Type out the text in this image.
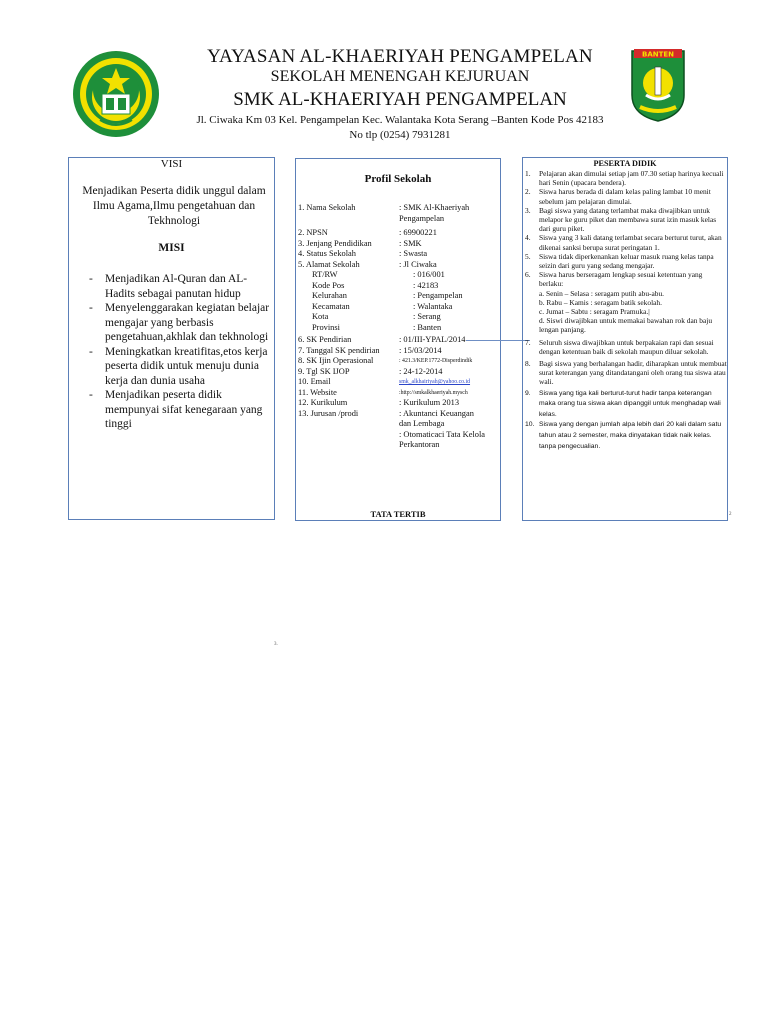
YAYASAN AL-KHAERIYAH PENGAMPELAN
SEKOLAH MENENGAH KEJURUAN
SMK AL-KHAERIYAH PENGAMPELAN
Jl. Ciwaka Km 03 Kel. Pengampelan Kec. Walantaka Kota Serang –Banten Kode Pos 42183
No tlp (0254) 7931281
BANTEN
VISI
Menjadikan Peserta didik unggul dalam Ilmu Agama,Ilmu pengetahuan dan Tekhnologi
MISI
- Menjadikan Al-Quran dan AL-Hadits sebagai panutan hidup
- Menyelenggarakan kegiatan belajar mengajar yang berbasis pengetahuan,akhlak dan tekhnologi
- Meningkatkan kreatifitas,etos kerja peserta didik untuk menuju dunia kerja dan dunia usaha
- Menjadikan peserta didik mempunyai sifat kenegaraan yang tinggi
Profil Sekolah
1. Nama Sekolah	: SMK Al-Khaeriyah
Pengampelan
2. NPSN	: 69900221
3. Jenjang Pendidikan	: SMK
4. Status Sekolah	: Swasta
5. Alamat Sekolah	: Jl Ciwaka
RT/RW	: 016/001
Kode Pos	: 42183
Kelurahan	: Pengampelan
Kecamatan	: Walantaka
Kota	: Serang
Provinsi	: Banten
6. SK Pendirian	: 01/III-YPAL/2014
7. Tanggal SK pendirian	: 15/03/2014
8. SK Ijin Operasional	: 421.3/KEP.1772-Disperdindik
9. Tgl SK IJOP	: 24-12-2014
10. Email	smk_alkhairiyah@yahoo.co.id
11. Website	:http://smkalkhaeriyah.mysch
12. Kurikulum	: Kurikulum 2013
13. Jurusan /prodi	: Akuntanci Keuangan
dan Lembaga
: Otomaticaci Tata Kelola
Perkantoran
TATA TERTIB
PESERTA DIDIK
1.	Pelajaran akan dimulai setiap jam 07.30 setiap harinya kecuali hari Senin (upacara bendera).
2.	Siswa harus berada di dalam kelas paling lambat 10 menit sebelum jam pelajaran dimulai.
3.	Bagi siswa yang datang terlambat maka diwajibkan untuk melapor ke guru piket dan membawa surat izin masuk kelas dari guru piket.
4.	Siswa yang 3 kali datang terlambat secara berturut turut, akan dikenai sanksi berupa surat peringatan 1.
5.	Siswa tidak diperkenankan keluar masuk ruang kelas tanpa seizin dari guru yang sedang mengajar.
6.	Siswa harus berseragam lengkap sesuai ketentuan yang berlaku:
a. Senin – Selasa : seragam putih abu-abu.
b. Rabu – Kamis : seragam batik sekolah.
c. Jumat – Sabtu : seragam Pramuka.|
d. Siswi diwajibkan untuk memakai bawahan rok dan baju lengan panjang.
7.	Seluruh siswa diwajibkan untuk berpakaian rapi dan sesuai dengan ketentuan baik di sekolah maupun diluar sekolah.
8.	Bagi siswa yang berhalangan hadir, diharapkan untuk membuat surat keterangan yang ditandatangani oleh orang tua siswa atau wali.
9.	Siswa yang tiga kali berturut-turut hadir tanpa keterangan maka orang tua siswa akan dipanggil untuk menghadap wali kelas.
10. Siswa yang dengan jumlah alpa lebih dari 20 kali dalam satu tahun atau 2 semester, maka dinyatakan tidak naik kelas. tanpa pengecualian.
2
3.
